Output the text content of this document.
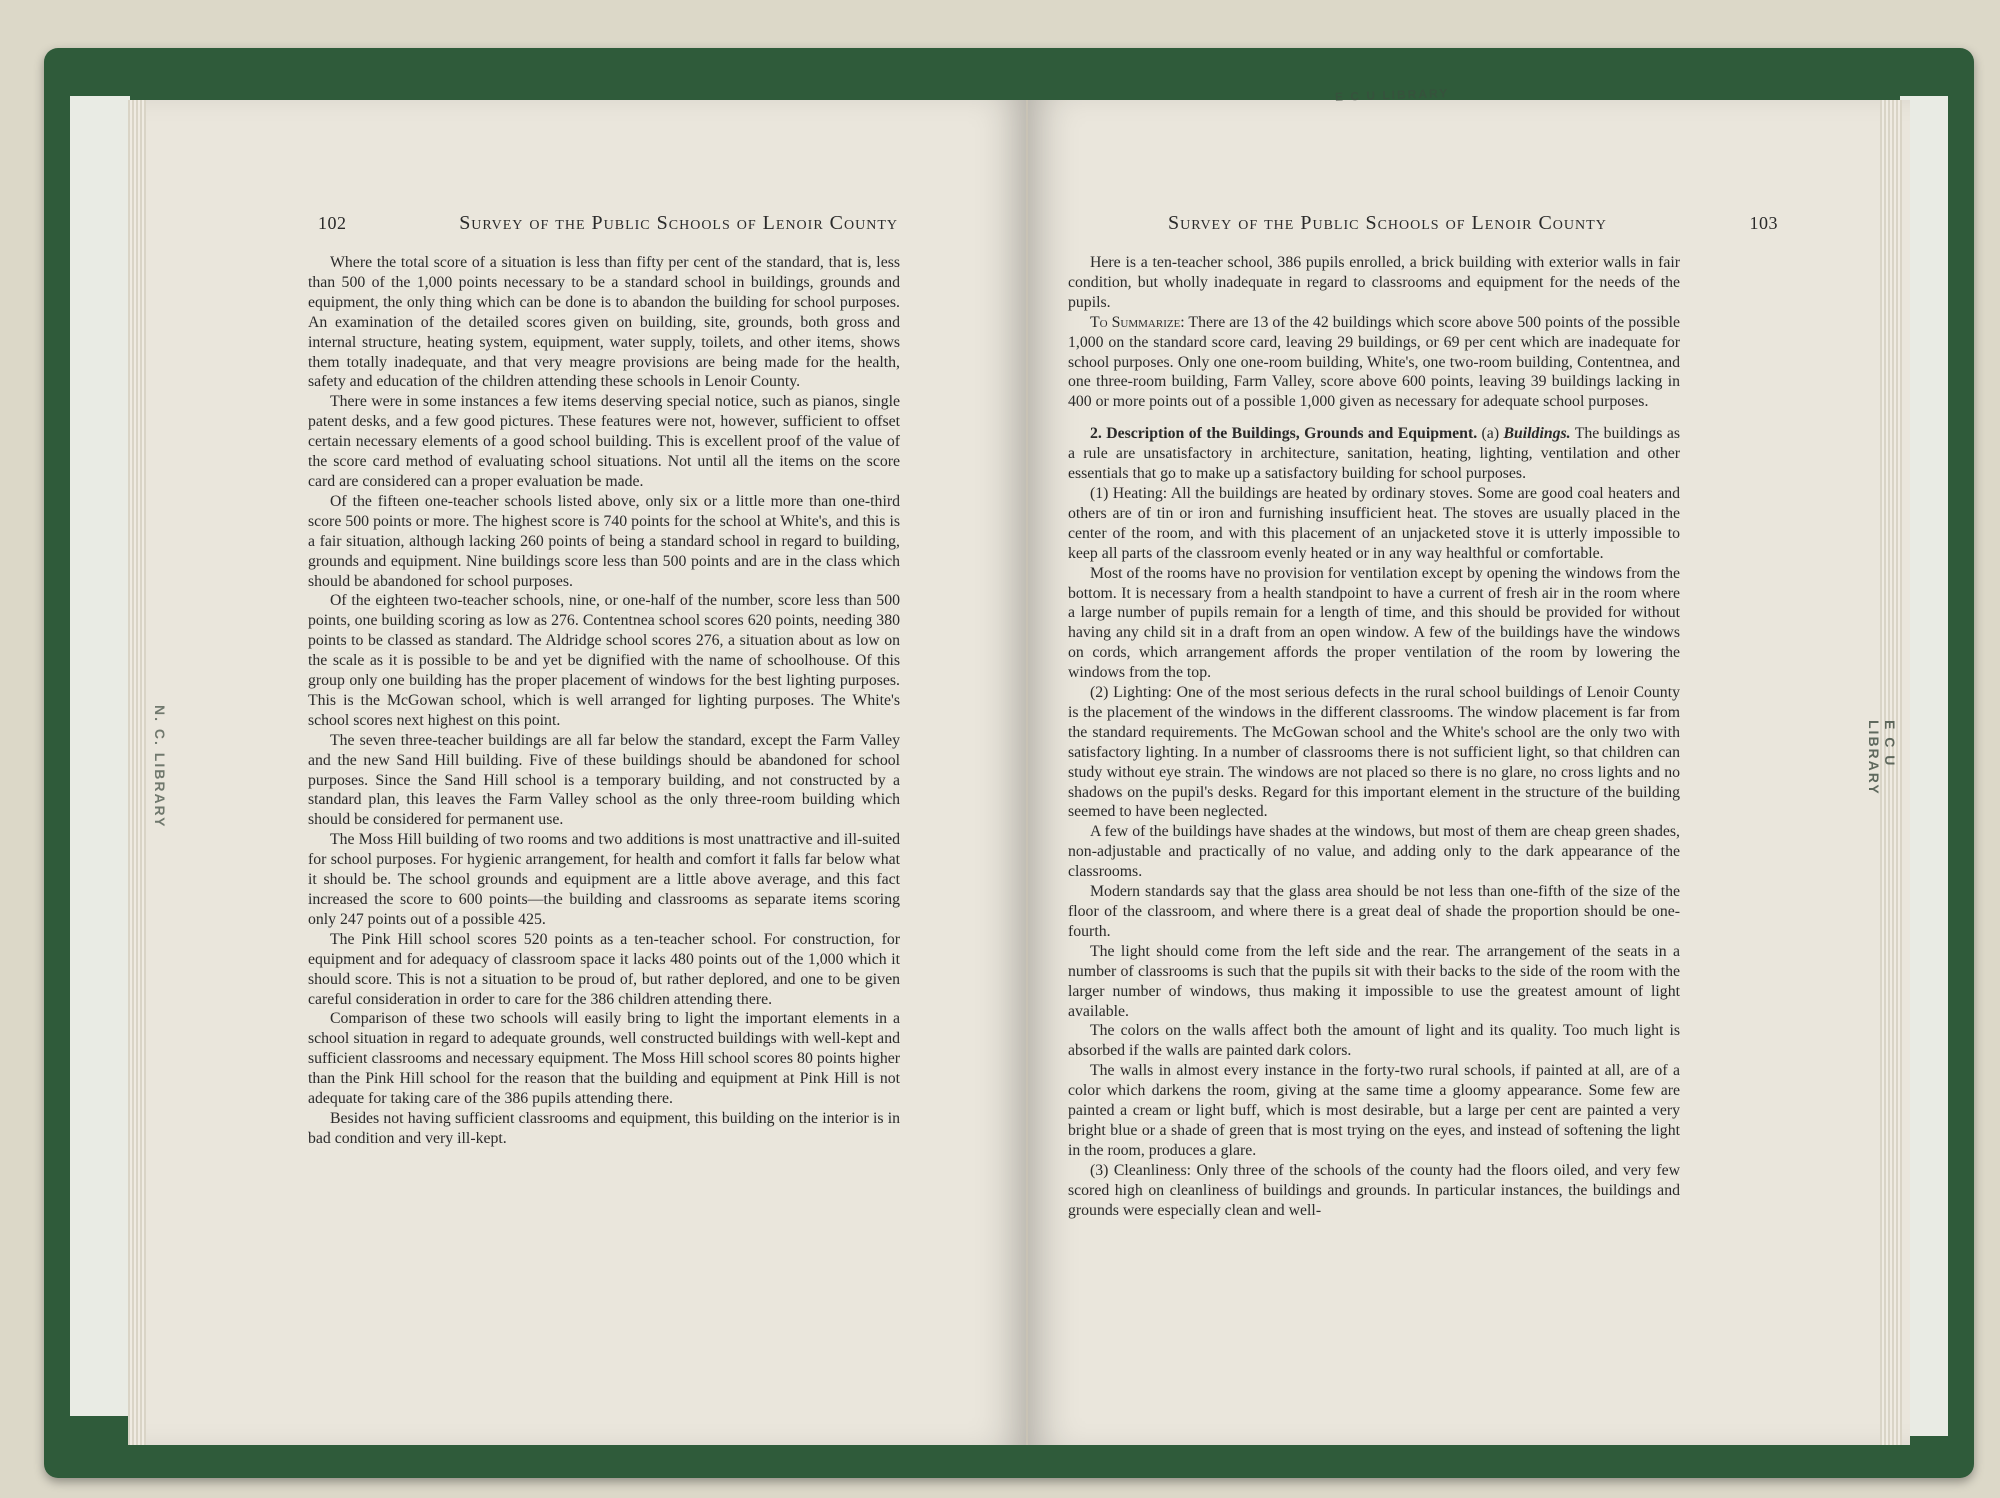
102	Survey of the Public Schools of Lenoir County

Where the total score of a situation is less than fifty per cent of the standard, that is, less than 500 of the 1,000 points necessary to be a standard school in buildings, grounds and equipment, the only thing which can be done is to abandon the building for school purposes. An examination of the detailed scores given on building, site, grounds, both gross and internal structure, heating system, equipment, water supply, toilets, and other items, shows them totally inadequate, and that very meagre provisions are being made for the health, safety and education of the children attending these schools in Lenoir County.

There were in some instances a few items deserving special notice, such as pianos, single patent desks, and a few good pictures. These features were not, however, sufficient to offset certain necessary elements of a good school building. This is excellent proof of the value of the score card method of evaluating school situations. Not until all the items on the score card are considered can a proper evaluation be made.

Of the fifteen one-teacher schools listed above, only six or a little more than one-third score 500 points or more. The highest score is 740 points for the school at White's, and this is a fair situation, although lacking 260 points of being a standard school in regard to building, grounds and equipment. Nine buildings score less than 500 points and are in the class which should be abandoned for school purposes.

Of the eighteen two-teacher schools, nine, or one-half of the number, score less than 500 points, one building scoring as low as 276. Contentnea school scores 620 points, needing 380 points to be classed as standard. The Aldridge school scores 276, a situation about as low on the scale as it is possible to be and yet be dignified with the name of schoolhouse. Of this group only one building has the proper placement of windows for the best lighting purposes. This is the McGowan school, which is well arranged for lighting purposes. The White's school scores next highest on this point.

The seven three-teacher buildings are all far below the standard, except the Farm Valley and the new Sand Hill building. Five of these buildings should be abandoned for school purposes. Since the Sand Hill school is a temporary building, and not constructed by a standard plan, this leaves the Farm Valley school as the only three-room building which should be considered for permanent use.

The Moss Hill building of two rooms and two additions is most unattractive and ill-suited for school purposes. For hygienic arrangement, for health and comfort it falls far below what it should be. The school grounds and equipment are a little above average, and this fact increased the score to 600 points—the building and classrooms as separate items scoring only 247 points out of a possible 425.

The Pink Hill school scores 520 points as a ten-teacher school. For construction, for equipment and for adequacy of classroom space it lacks 480 points out of the 1,000 which it should score. This is not a situation to be proud of, but rather deplored, and one to be given careful consideration in order to care for the 386 children attending there.

Comparison of these two schools will easily bring to light the important elements in a school situation in regard to adequate grounds, well constructed buildings with well-kept and sufficient classrooms and necessary equipment. The Moss Hill school scores 80 points higher than the Pink Hill school for the reason that the building and equipment at Pink Hill is not adequate for taking care of the 386 pupils attending there.

Besides not having sufficient classrooms and equipment, this building on the interior is in bad condition and very ill-kept.

Survey of the Public Schools of Lenoir County	103

Here is a ten-teacher school, 386 pupils enrolled, a brick building with exterior walls in fair condition, but wholly inadequate in regard to classrooms and equipment for the needs of the pupils.

To Summarize: There are 13 of the 42 buildings which score above 500 points of the possible 1,000 on the standard score card, leaving 29 buildings, or 69 per cent which are inadequate for school purposes. Only one one-room building, White's, one two-room building, Contentnea, and one three-room building, Farm Valley, score above 600 points, leaving 39 buildings lacking in 400 or more points out of a possible 1,000 given as necessary for adequate school purposes.

2. Description of the Buildings, Grounds and Equipment. (a) Buildings. The buildings as a rule are unsatisfactory in architecture, sanitation, heating, lighting, ventilation and other essentials that go to make up a satisfactory building for school purposes.

(1) Heating: All the buildings are heated by ordinary stoves. Some are good coal heaters and others are of tin or iron and furnishing insufficient heat. The stoves are usually placed in the center of the room, and with this placement of an unjacketed stove it is utterly impossible to keep all parts of the classroom evenly heated or in any way healthful or comfortable.

Most of the rooms have no provision for ventilation except by opening the windows from the bottom. It is necessary from a health standpoint to have a current of fresh air in the room where a large number of pupils remain for a length of time, and this should be provided for without having any child sit in a draft from an open window. A few of the buildings have the windows on cords, which arrangement affords the proper ventilation of the room by lowering the windows from the top.

(2) Lighting: One of the most serious defects in the rural school buildings of Lenoir County is the placement of the windows in the different classrooms. The window placement is far from the standard requirements. The McGowan school and the White's school are the only two with satisfactory lighting. In a number of classrooms there is not sufficient light, so that children can study without eye strain. The windows are not placed so there is no glare, no cross lights and no shadows on the pupil's desks. Regard for this important element in the structure of the building seemed to have been neglected.

A few of the buildings have shades at the windows, but most of them are cheap green shades, non-adjustable and practically of no value, and adding only to the dark appearance of the classrooms.

Modern standards say that the glass area should be not less than one-fifth of the size of the floor of the classroom, and where there is a great deal of shade the proportion should be one-fourth.

The light should come from the left side and the rear. The arrangement of the seats in a number of classrooms is such that the pupils sit with their backs to the side of the room with the larger number of windows, thus making it impossible to use the greatest amount of light available.

The colors on the walls affect both the amount of light and its quality. Too much light is absorbed if the walls are painted dark colors.

The walls in almost every instance in the forty-two rural schools, if painted at all, are of a color which darkens the room, giving at the same time a gloomy appearance. Some few are painted a cream or light buff, which is most desirable, but a large per cent are painted a very bright blue or a shade of green that is most trying on the eyes, and instead of softening the light in the room, produces a glare.

(3) Cleanliness: Only three of the schools of the county had the floors oiled, and very few scored high on cleanliness of buildings and grounds. In particular instances, the buildings and grounds were especially clean and well-

N. C. LIBRARY	E C U LIBRARY
E C U LIBRARY
